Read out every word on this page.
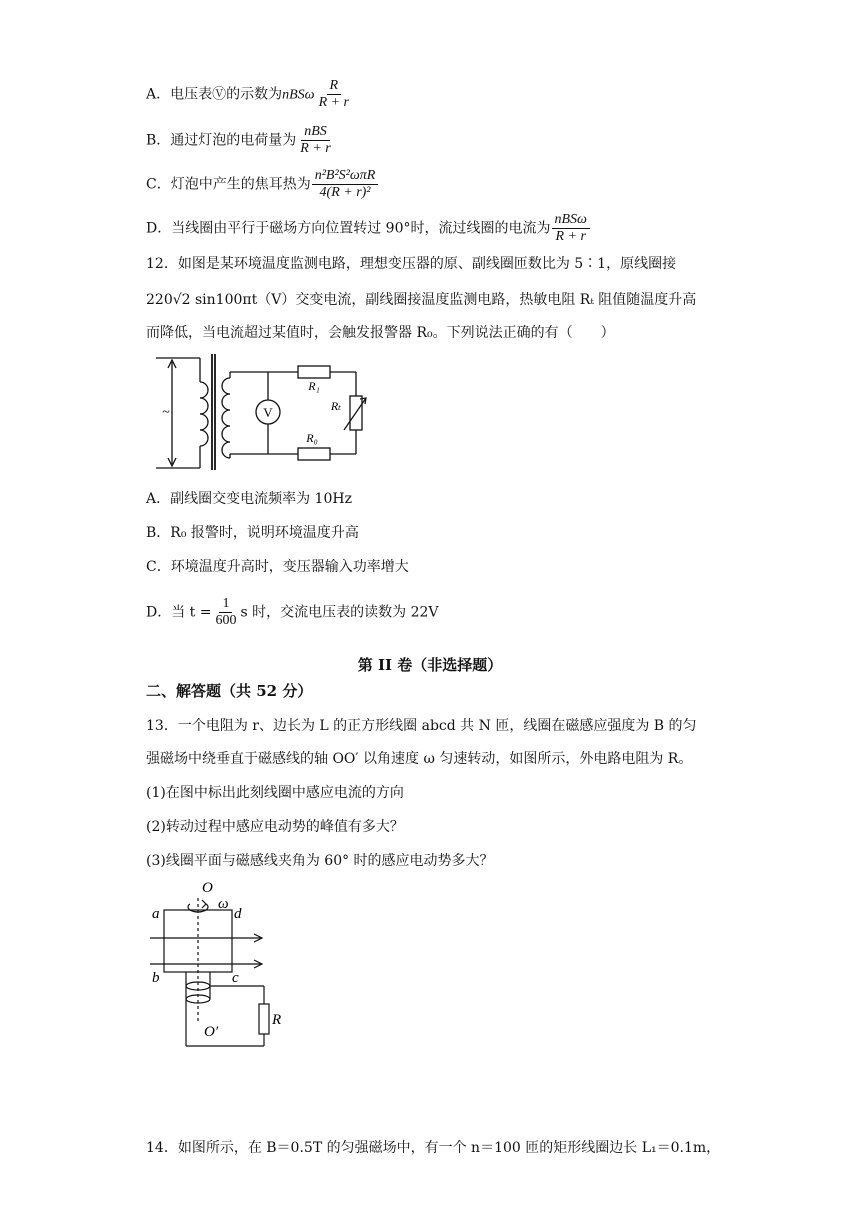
A．电压表Ⓥ的示数为nBSω $\frac{R}{R + r}$
B．通过灯泡的电荷量为 $\frac{\text{nBS}}{R + r}$
C．灯泡中产生的焦耳热为 $\frac{\text{n²B²S²ωπR}}{\text{4(R + r)²}}$
D．当线圈由平行于磁场方向位置转过 90°时，流过线圈的电流为 $\frac{\text{nBSω}}{R + r}$
12．如图是某环境温度监测电路，理想变压器的原、副线圈匝数比为 5∶1，原线圈接
220√2 sin100πt（V）交变电流，副线圈接温度监测电路，热敏电阻 Rₜ 阻值随温度升高
而降低，当电流超过某值时，会触发报警器 R₀。下列说法正确的有（　　）
~	V
R₁
Rₜ
R₀
A．副线圈交变电流频率为 10Hz
B．R₀ 报警时，说明环境温度升高
C．环境温度升高时，变压器输入功率增大
D．当 $t = \frac{1}{600}$ s 时，交流电压表的读数为 22V
第 II 卷（非选择题）
二、解答题（共 52 分）
13．一个电阻为 r、边长为 L 的正方形线圈 abcd 共 N 匝，线圈在磁感应强度为 B 的匀
强磁场中绕垂直于磁感线的轴 OO′ 以角速度 ω 匀速转动，如图所示，外电路电阻为 R。
(1)在图中标出此刻线圈中感应电流的方向
(2)转动过程中感应电动势的峰值有多大？
(3)线圈平面与磁感线夹角为 60° 时的感应电动势多大？
O
ω
a	d
b	c
O′
R
14．如图所示，在 B＝0.5T 的匀强磁场中，有一个 n＝100 匝的矩形线圈边长 L₁＝0.1m，
